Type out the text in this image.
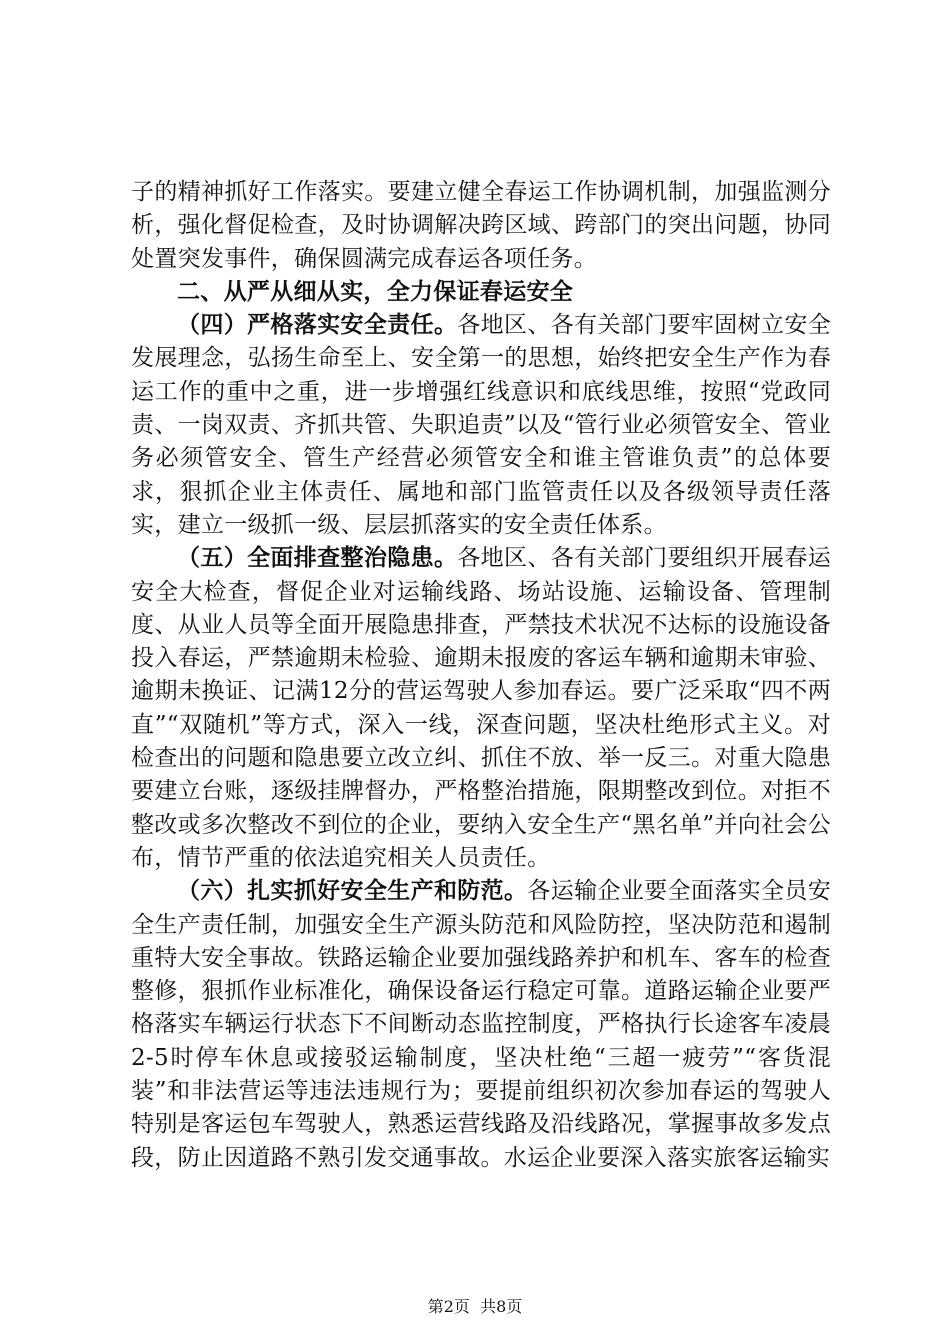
子的精神抓好工作落实。要建立健全春运工作协调机制，加强监测分析，强化督促检查，及时协调解决跨区域、跨部门的突出问题，协同处置突发事件，确保圆满完成春运各项任务。

二、从严从细从实，全力保证春运安全

（四）严格落实安全责任。各地区、各有关部门要牢固树立安全发展理念，弘扬生命至上、安全第一的思想，始终把安全生产作为春运工作的重中之重，进一步增强红线意识和底线思维，按照“党政同责、一岗双责、齐抓共管、失职追责”以及“管行业必须管安全、管业务必须管安全、管生产经营必须管安全和谁主管谁负责”的总体要求，狠抓企业主体责任、属地和部门监管责任以及各级领导责任落实，建立一级抓一级、层层抓落实的安全责任体系。

（五）全面排查整治隐患。各地区、各有关部门要组织开展春运安全大检查，督促企业对运输线路、场站设施、运输设备、管理制度、从业人员等全面开展隐患排查，严禁技术状况不达标的设施设备投入春运，严禁逾期未检验、逾期未报废的客运车辆和逾期未审验、逾期未换证、记满12分的营运驾驶人参加春运。要广泛采取“四不两直”“双随机”等方式，深入一线，深查问题，坚决杜绝形式主义。对检查出的问题和隐患要立改立纠、抓住不放、举一反三。对重大隐患要建立台账，逐级挂牌督办，严格整治措施，限期整改到位。对拒不整改或多次整改不到位的企业，要纳入安全生产“黑名单”并向社会公布，情节严重的依法追究相关人员责任。

（六）扎实抓好安全生产和防范。各运输企业要全面落实全员安全生产责任制，加强安全生产源头防范和风险防控，坚决防范和遏制重特大安全事故。铁路运输企业要加强线路养护和机车、客车的检查整修，狠抓作业标准化，确保设备运行稳定可靠。道路运输企业要严格落实车辆运行状态下不间断动态监控制度，严格执行长途客车凌晨2-5时停车休息或接驳运输制度，坚决杜绝“三超一疲劳”“客货混装”和非法营运等违法违规行为；要提前组织初次参加春运的驾驶人特别是客运包车驾驶人，熟悉运营线路及沿线路况，掌握事故多发点段，防止因道路不熟引发交通事故。水运企业要深入落实旅客运输实

第2页  共8页
